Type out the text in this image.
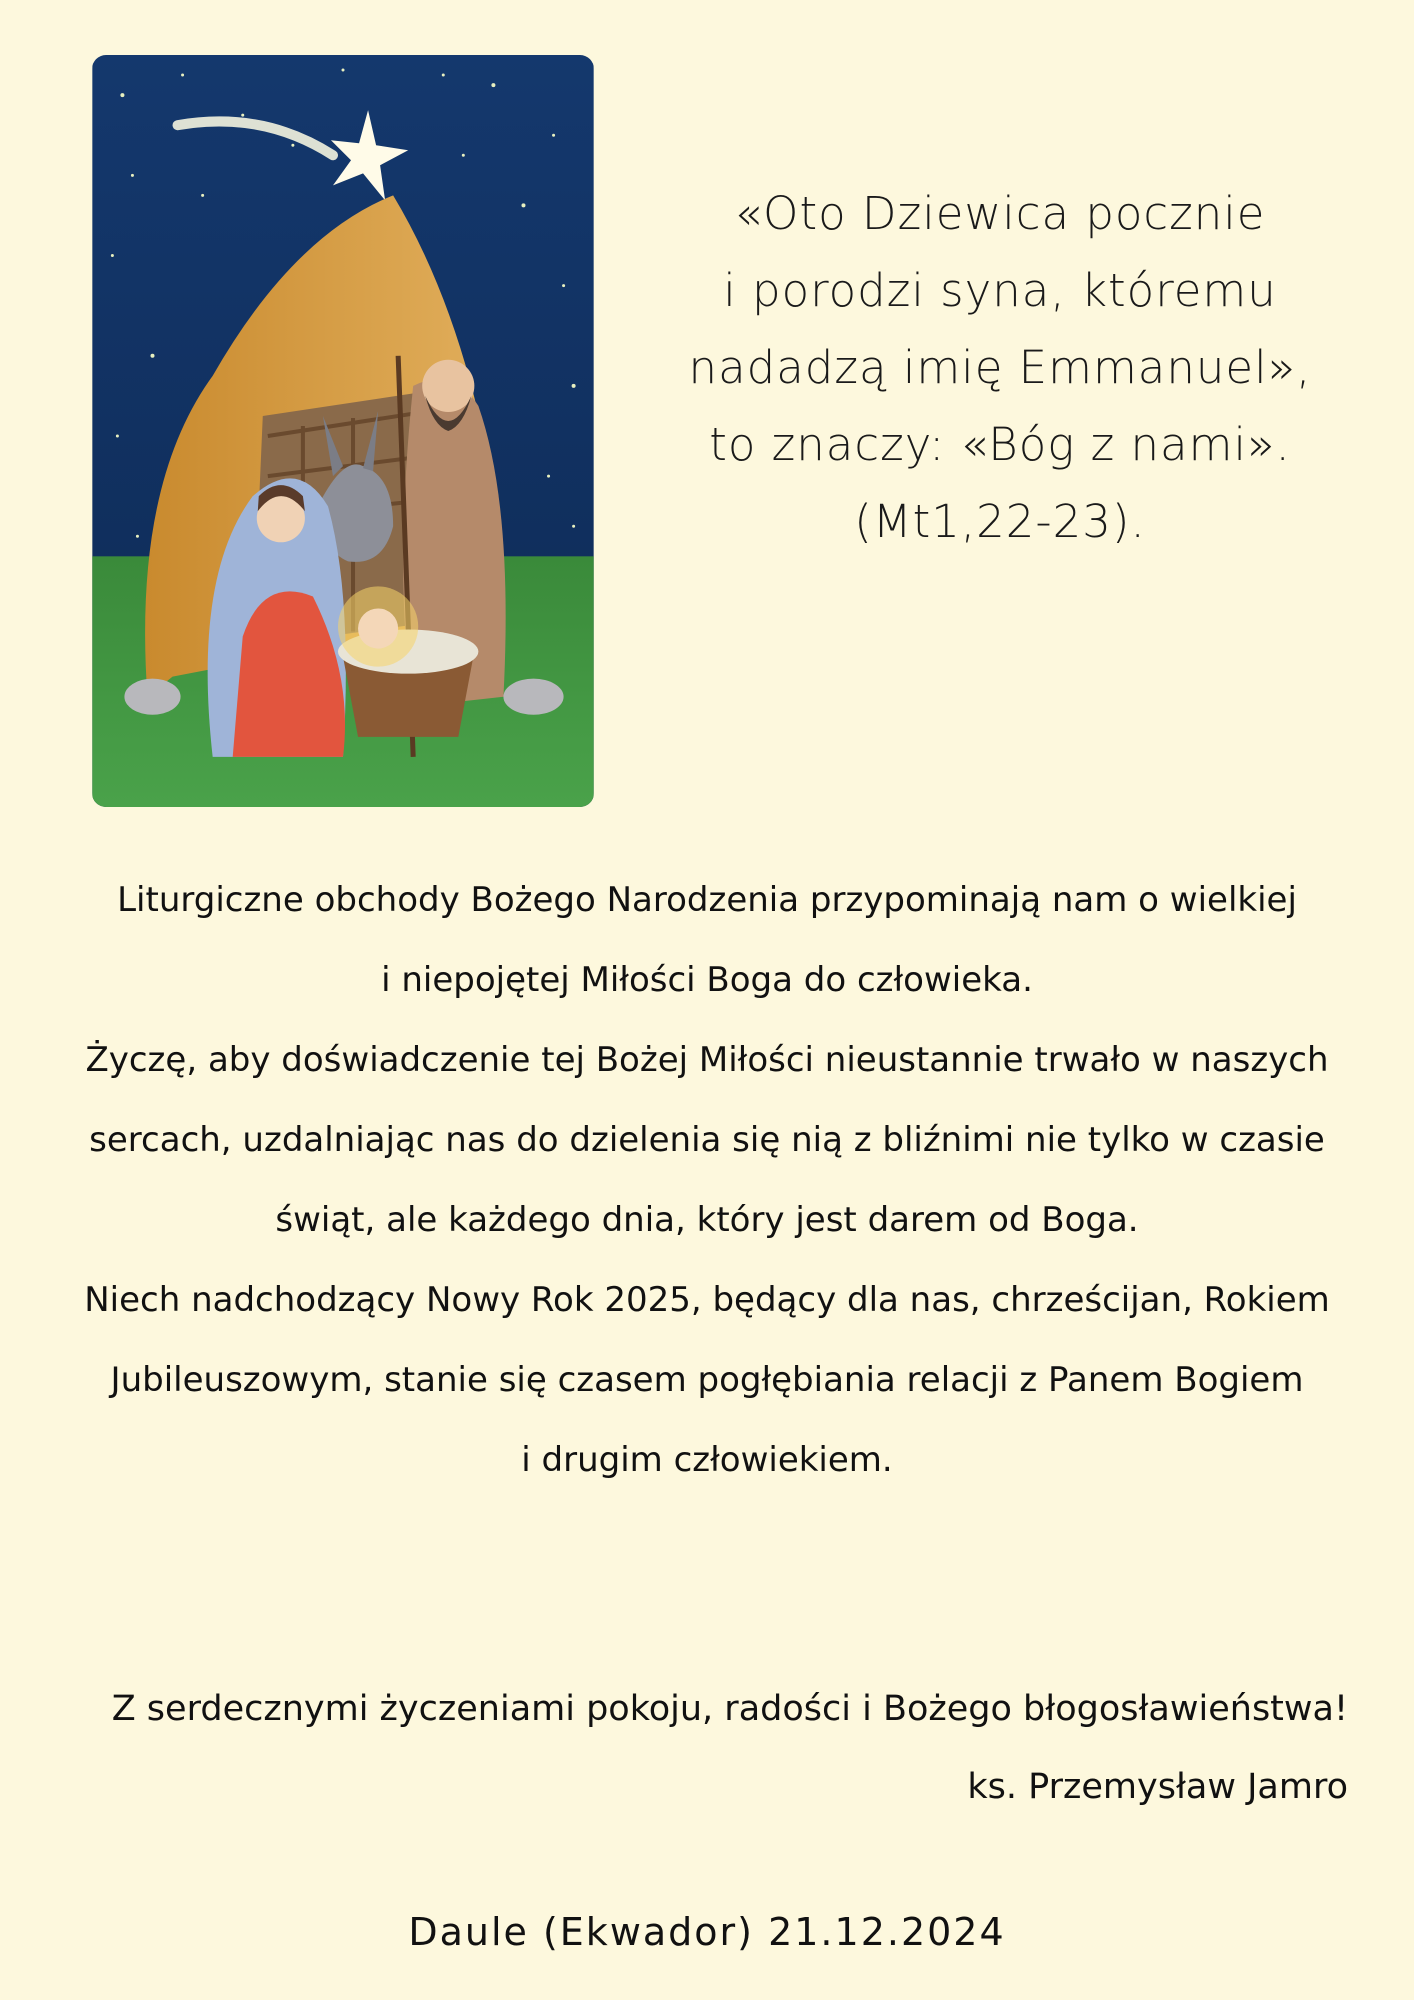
«Oto Dziewica pocznie
i porodzi syna, któremu
nadadzą imię Emmanuel»,
to znaczy: «Bóg z nami».
(Mt1,22-23).
Liturgiczne obchody Bożego Narodzenia przypominają nam o wielkiej
i niepojętej Miłości Boga do człowieka.
Życzę, aby doświadczenie tej Bożej Miłości nieustannie trwało w naszych
sercach, uzdalniając nas do dzielenia się nią z bliźnimi nie tylko w czasie
świąt, ale każdego dnia, który jest darem od Boga.
Niech nadchodzący Nowy Rok 2025, będący dla nas, chrześcijan, Rokiem
Jubileuszowym, stanie się czasem pogłębiania relacji z Panem Bogiem
i drugim człowiekiem.
Z serdecznymi życzeniami pokoju, radości i Bożego błogosławieństwa!
ks. Przemysław Jamro
Daule (Ekwador) 21.12.2024
